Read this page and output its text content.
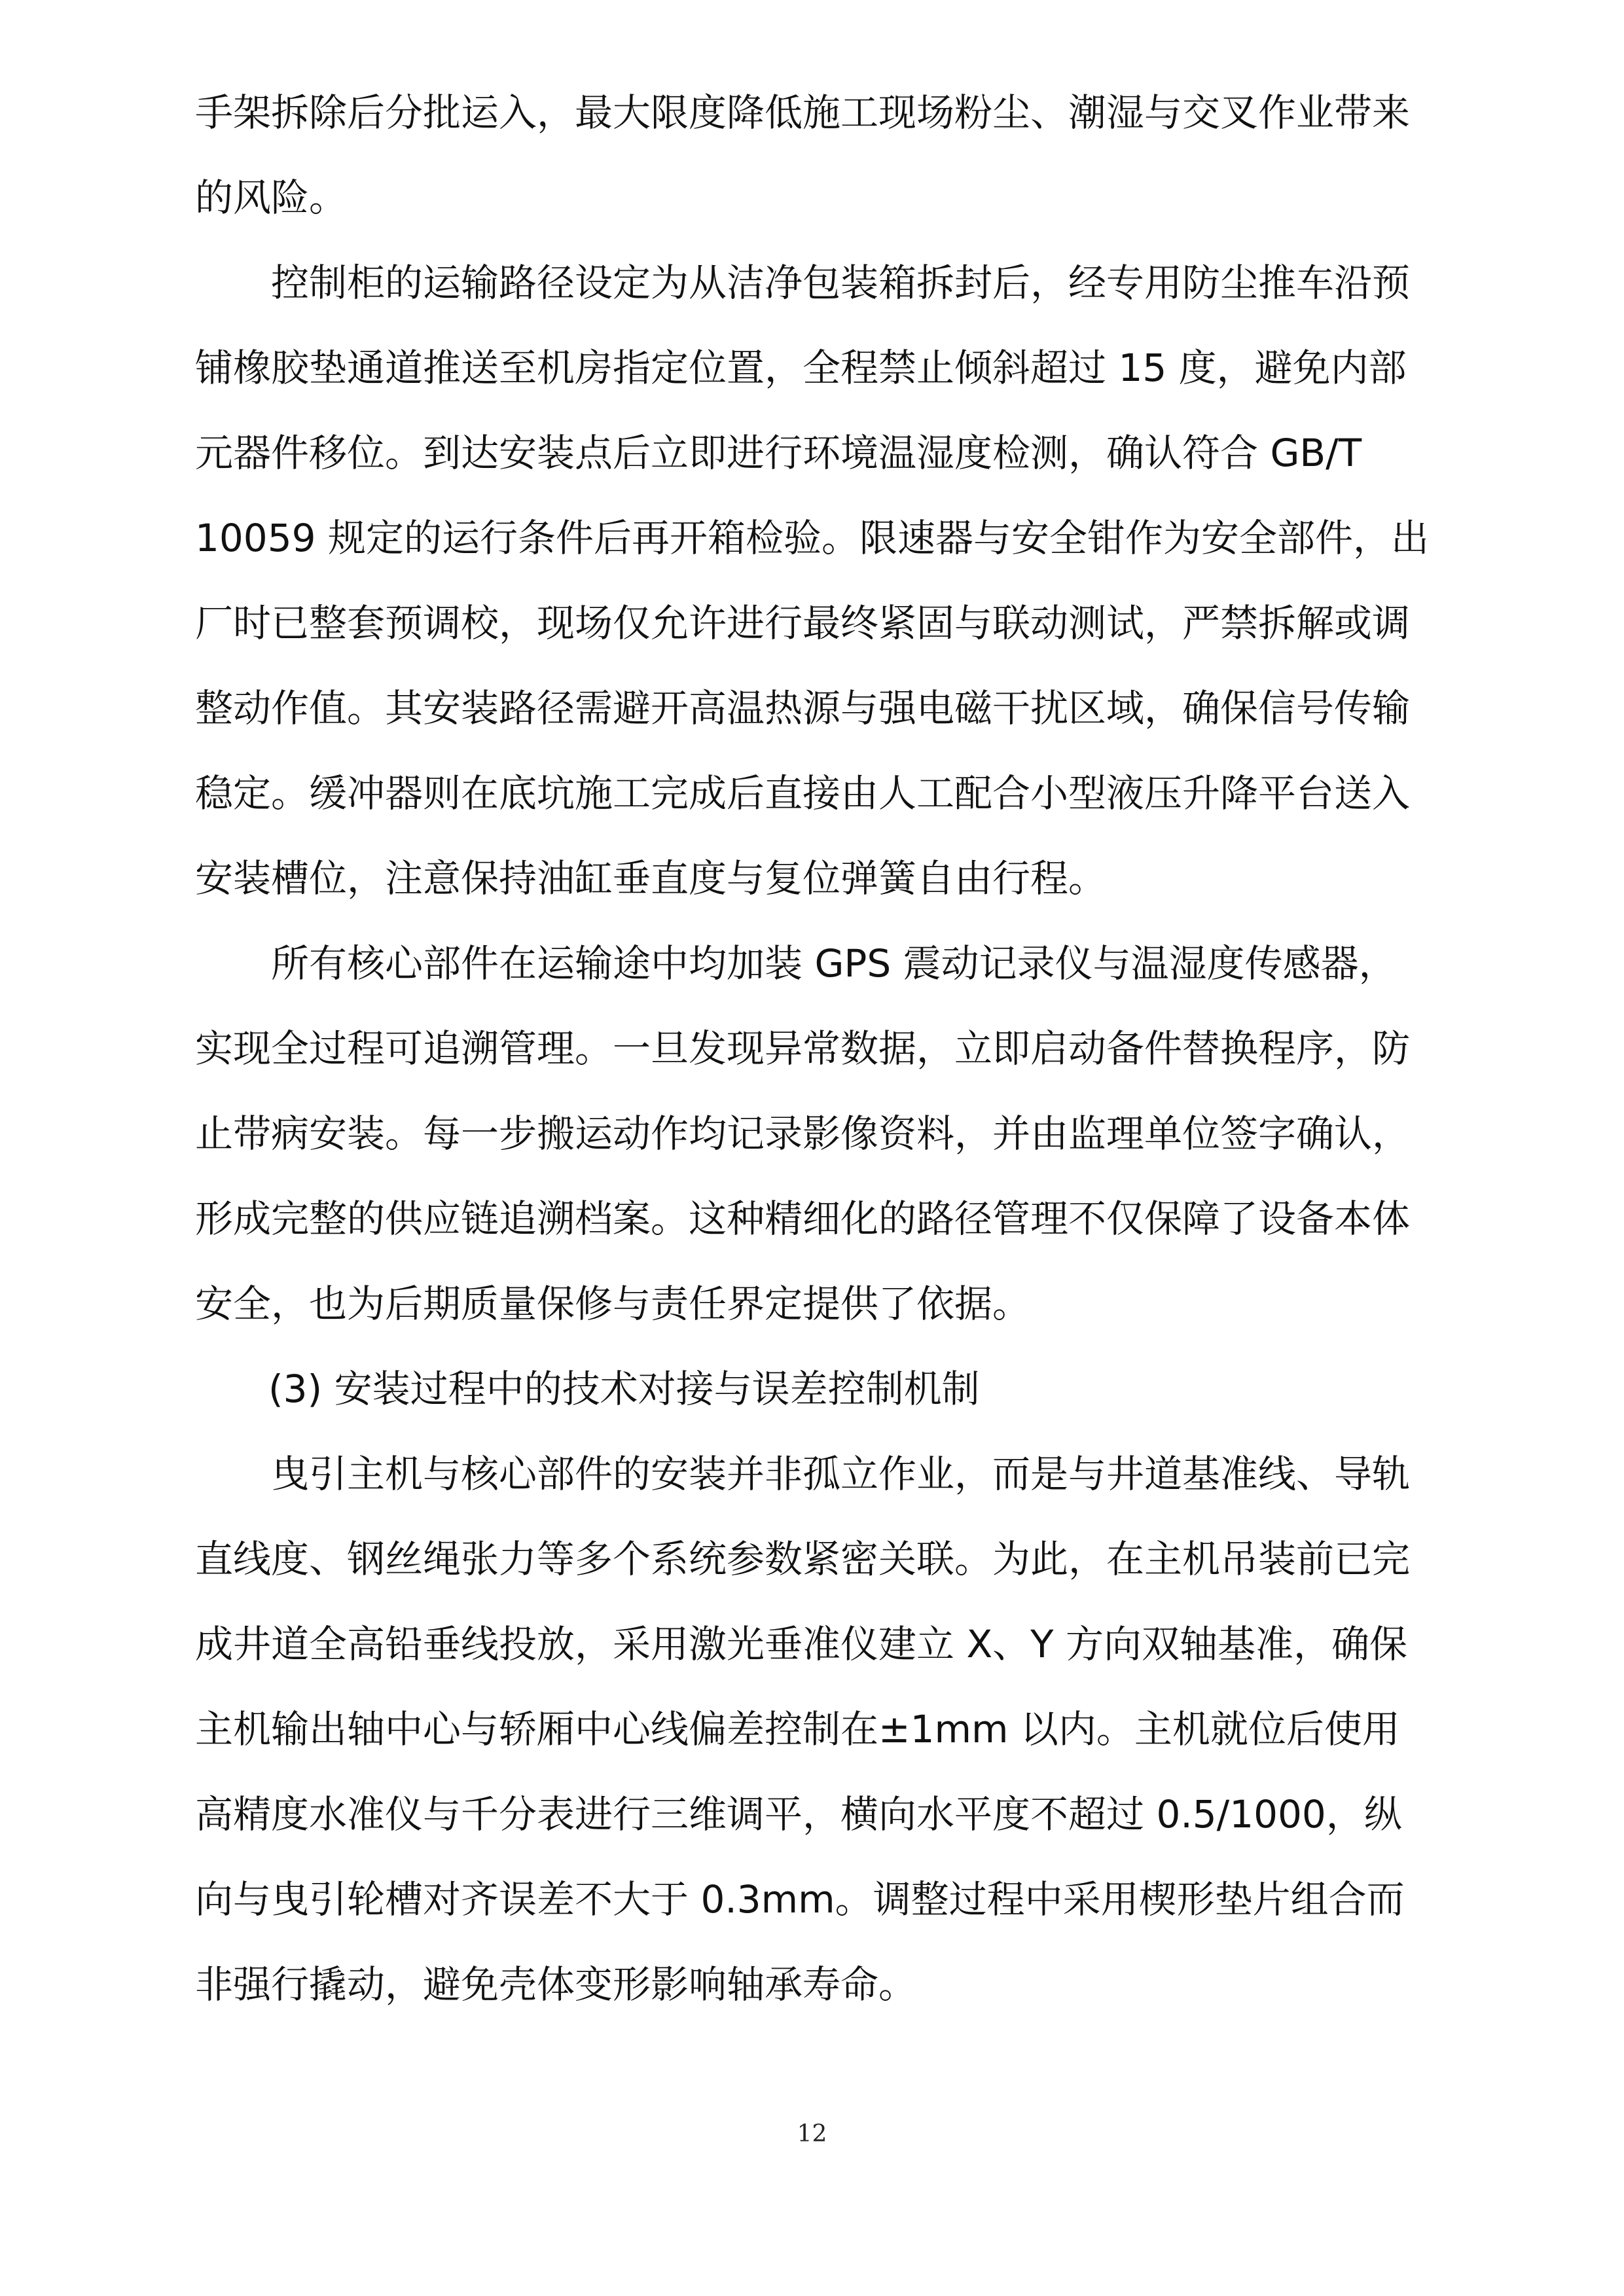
手架拆除后分批运入，最大限度降低施工现场粉尘、潮湿与交叉作业带来
的风险。
控制柜的运输路径设定为从洁净包装箱拆封后，经专用防尘推车沿预
铺橡胶垫通道推送至机房指定位置，全程禁止倾斜超过 15 度，避免内部
元器件移位。到达安装点后立即进行环境温湿度检测，确认符合 GB/T
10059 规定的运行条件后再开箱检验。限速器与安全钳作为安全部件，出
厂时已整套预调校，现场仅允许进行最终紧固与联动测试，严禁拆解或调
整动作值。其安装路径需避开高温热源与强电磁干扰区域，确保信号传输
稳定。缓冲器则在底坑施工完成后直接由人工配合小型液压升降平台送入
安装槽位，注意保持油缸垂直度与复位弹簧自由行程。
所有核心部件在运输途中均加装 GPS 震动记录仪与温湿度传感器，
实现全过程可追溯管理。一旦发现异常数据，立即启动备件替换程序，防
止带病安装。每一步搬运动作均记录影像资料，并由监理单位签字确认，
形成完整的供应链追溯档案。这种精细化的路径管理不仅保障了设备本体
安全，也为后期质量保修与责任界定提供了依据。
(3) 安装过程中的技术对接与误差控制机制
曳引主机与核心部件的安装并非孤立作业，而是与井道基准线、导轨
直线度、钢丝绳张力等多个系统参数紧密关联。为此，在主机吊装前已完
成井道全高铅垂线投放，采用激光垂准仪建立 X、Y 方向双轴基准，确保
主机输出轴中心与轿厢中心线偏差控制在±1mm 以内。主机就位后使用
高精度水准仪与千分表进行三维调平，横向水平度不超过 0.5/1000，纵
向与曳引轮槽对齐误差不大于 0.3mm。调整过程中采用楔形垫片组合而
非强行撬动，避免壳体变形影响轴承寿命。
12
